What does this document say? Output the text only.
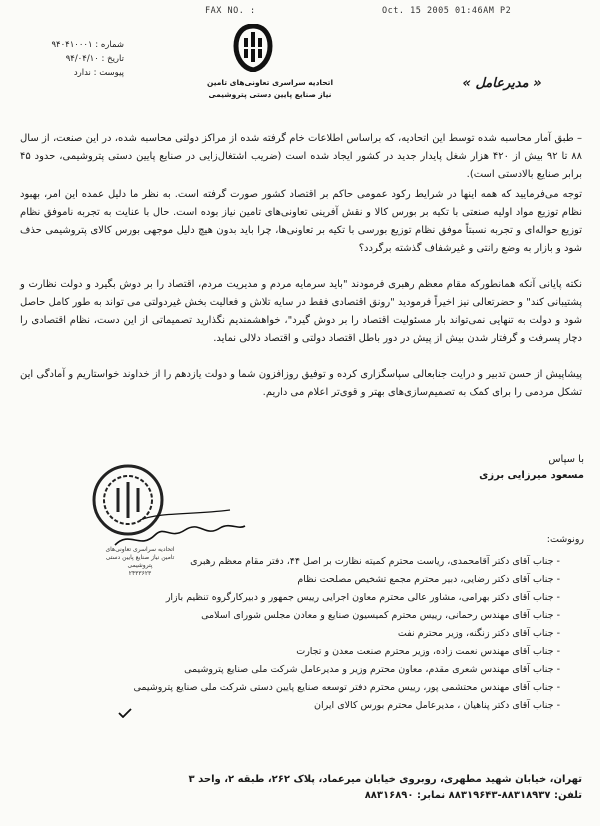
FAX NO. :	Oct. 15 2005 01:46AM P2
شماره : ۹۴۰۴۱۰۰۰۱
تاریخ : ۹۴/۰۴/۱۰
پیوست : ندارد
اتحادیه سراسری تعاونی‌های تامین
نیاز صنایع پایین دستی پتروشیمی
« مدیرعامل »
– طبق آمار محاسبه شده توسط این اتحادیه، که براساس اطلاعات خام گرفته شده از مراکز دولتی محاسبه شده، در این صنعت، از سال ۸۸ تا ۹۲ بیش از ۴۲۰ هزار شغل پایدار جدید در کشور ایجاد شده است (ضریب اشتغال‌زایی در صنایع پایین دستی پتروشیمی، حدود ۴۵ برابر صنایع بالادستی است).
توجه می‌فرمایید که همه اینها در شرایط رکود عمومی حاکم بر اقتصاد کشور صورت گرفته است. به نظر ما دلیل عمده این امر، بهبود نظام توزیع مواد اولیه صنعتی با تکیه بر بورس کالا و نقش آفرینی تعاونی‌های تامین نیاز بوده است. حال با عنایت به تجربه ناموفق نظام توزیع حواله‌ای و تجربه نسبتاً موفق نظام توزیع بورسی با تکیه بر تعاونی‌ها، چرا باید بدون هیچ دلیل موجهی بورس کالای پتروشیمی حذف شود و بازار به وضع رانتی و غیرشفاف گذشته برگردد؟
نکته پایانی آنکه همانطورکه مقام معظم رهبری فرمودند "باید سرمایه مردم و مدیریت مردم، اقتصاد را بر دوش بگیرد و دولت نظارت و پشتیبانی کند" و حضرتعالی نیز اخیراً فرمودید "رونق اقتصادی فقط در سایه تلاش و فعالیت بخش غیردولتی می تواند به طور کامل حاصل شود و دولت به تنهایی نمی‌تواند بار مسئولیت اقتصاد را بر دوش گیرد"، خواهشمندیم نگذارید تصمیماتی از این دست، نظام اقتصادی را دچار پسرفت و گرفتار شدن بیش از پیش در دور باطل اقتصاد دولتی و اقتصاد دلالی نماید.
پیشاپیش از حسن تدبیر و درایت جنابعالی سپاسگزاری کرده و توفیق روزافزون شما و دولت یازدهم را از خداوند خواستاریم و آمادگی این تشکل مردمی را برای کمک به تصمیم‌سازی‌های بهتر و قوی‌تر اعلام می داریم.
با سپاس
مسعود میرزایی برزی
اتحادیه سراسری تعاونی‌های
تامین نیاز صنایع پایین دستی پتروشیمی
۲۴۳۳۶۲۳
رونوشت:
- جناب آقای دکتر آقامحمدی، ریاست محترم کمیته نظارت بر اصل ۴۴، دفتر مقام معظم رهبری
- جناب آقای دکتر رضایی، دبیر محترم مجمع تشخیص مصلحت نظام
- جناب آقای دکتر بهرامی، مشاور عالی محترم معاون اجرایی رییس جمهور و دبیرکارگروه تنظیم بازار
- جناب آقای مهندس رحمانی، رییس محترم کمیسیون صنایع و معادن مجلس شورای اسلامی
- جناب آقای دکتر زنگنه، وزیر محترم نفت
- جناب آقای مهندس نعمت زاده، وزیر محترم صنعت معدن و تجارت
- جناب آقای مهندس شعری مقدم، معاون محترم وزیر و مدیرعامل شرکت ملی صنایع پتروشیمی
- جناب آقای مهندس محتشمی پور، رییس محترم دفتر توسعه صنایع پایین دستی شرکت ملی صنایع پتروشیمی
- جناب آقای دکتر پناهیان ، مدیرعامل محترم بورس کالای ایران
تهران، خیابان شهید مطهری، روبروی خیابان میرعماد، پلاک ۲۶۲، طبقه ۲، واحد ۳
تلفن: ۸۸۳۱۸۹۳۷-۸۸۳۱۹۶۴۳ نمابر: ۸۸۳۱۶۸۹۰
